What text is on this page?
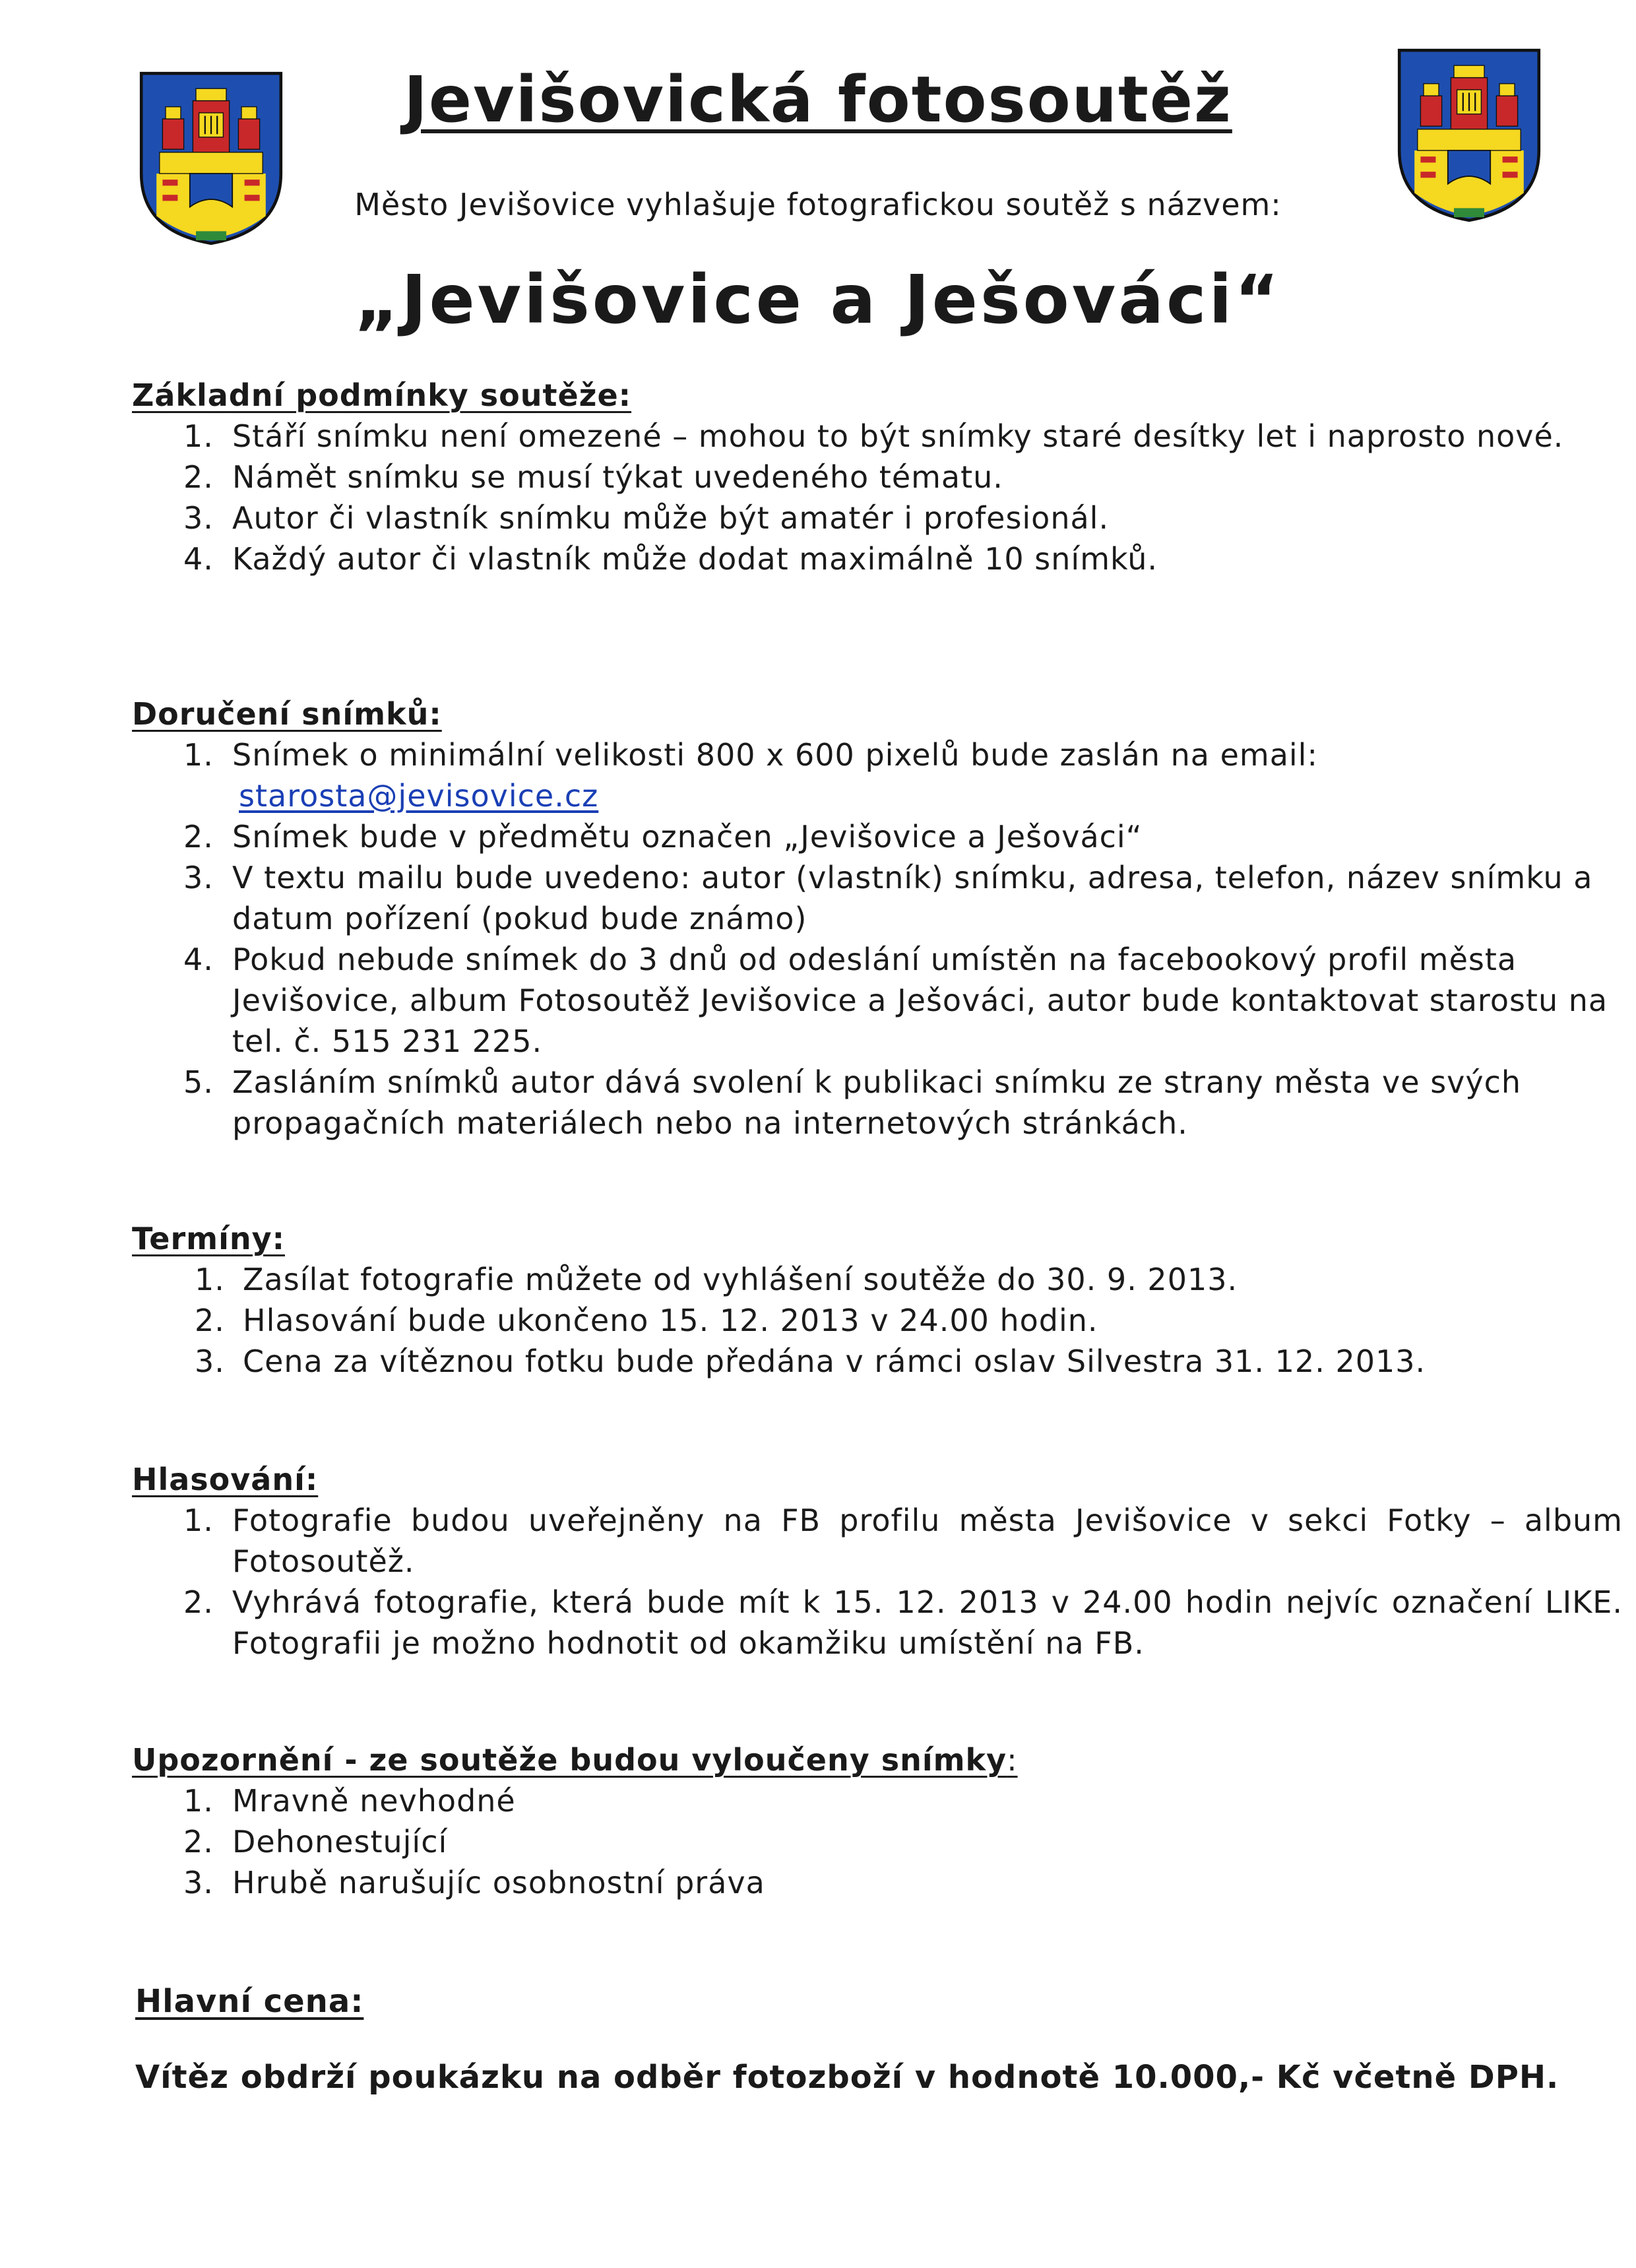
Jevišovická fotosoutěž

Město Jevišovice vyhlašuje fotografickou soutěž s názvem:

„Jevišovice a Ješováci“
Základní podmínky soutěže:
1. Stáří snímku není omezené – mohou to být snímky staré desítky let i naprosto nové.
2. Námět snímku se musí týkat uvedeného tématu.
3. Autor či vlastník snímku může být amatér i profesionál.
4. Každý autor či vlastník může dodat maximálně 10 snímků.
Doručení snímků:
1. Snímek o minimální velikosti 800 x 600 pixelů bude zaslán na email:
starosta@jevisovice.cz
2. Snímek bude v předmětu označen „Jevišovice a Ješováci“
3. V textu mailu bude uvedeno: autor (vlastník) snímku, adresa, telefon, název snímku a datum pořízení (pokud bude známo)
4. Pokud nebude snímek do 3 dnů od odeslání umístěn na facebookový profil města Jevišovice, album Fotosoutěž Jevišovice a Ješováci, autor bude kontaktovat starostu na tel. č. 515 231 225.
5. Zasláním snímků autor dává svolení k publikaci snímku ze strany města ve svých propagačních materiálech nebo na internetových stránkách.
Termíny:
1. Zasílat fotografie můžete od vyhlášení soutěže do 30. 9. 2013.
2. Hlasování bude ukončeno 15. 12. 2013 v 24.00 hodin.
3. Cena za vítěznou fotku bude předána v rámci oslav Silvestra 31. 12. 2013.
Hlasování:
1. Fotografie budou uveřejněny na FB profilu města Jevišovice v sekci Fotky – album Fotosoutěž.
2. Vyhrává fotografie, která bude mít k 15. 12. 2013 v 24.00 hodin nejvíc označení LIKE. Fotografii je možno hodnotit od okamžiku umístění na FB.
Upozornění - ze soutěže budou vyloučeny snímky:
1. Mravně nevhodné
2. Dehonestující
3. Hrubě narušujíc osobnostní práva
Hlavní cena:

Vítěz obdrží poukázku na odběr fotozboží v hodnotě 10.000,- Kč včetně DPH.
